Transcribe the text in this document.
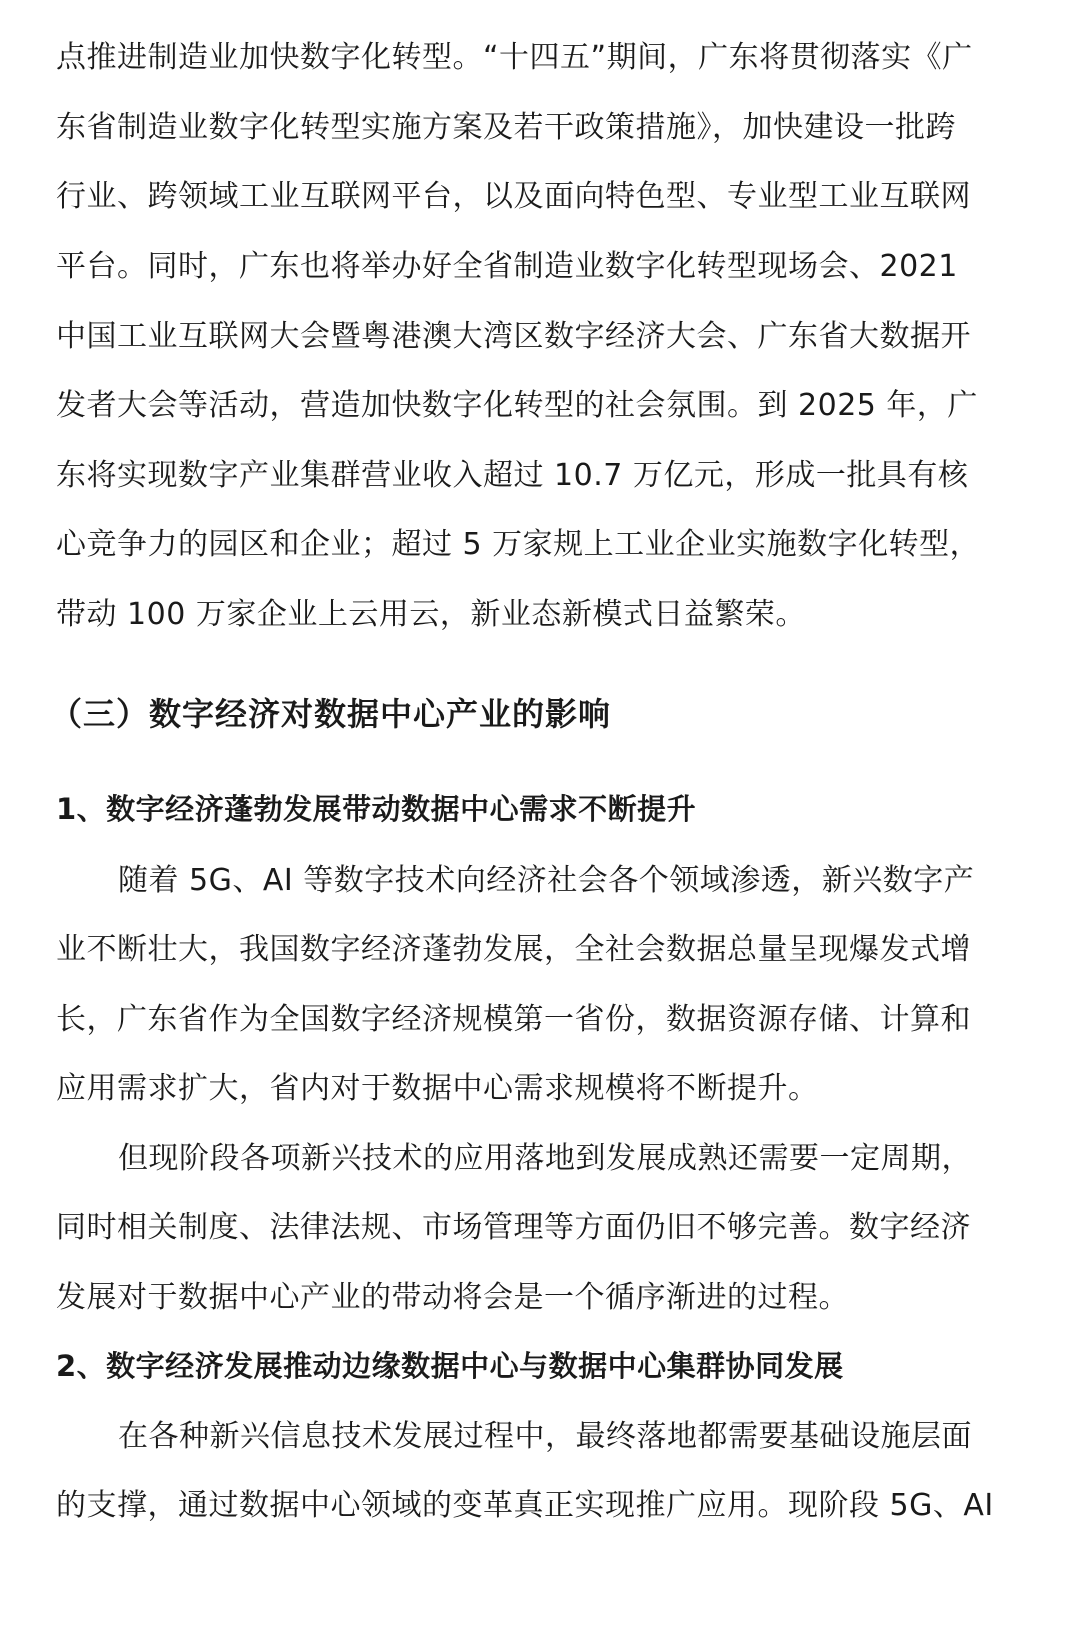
点推进制造业加快数字化转型。“十四五”期间，广东将贯彻落实《广
东省制造业数字化转型实施方案及若干政策措施》，加快建设一批跨
行业、跨领域工业互联网平台，以及面向特色型、专业型工业互联网
平台。同时，广东也将举办好全省制造业数字化转型现场会、2021
中国工业互联网大会暨粤港澳大湾区数字经济大会、广东省大数据开
发者大会等活动，营造加快数字化转型的社会氛围。到 2025 年，广
东将实现数字产业集群营业收入超过 10.7 万亿元，形成一批具有核
心竞争力的园区和企业；超过 5 万家规上工业企业实施数字化转型，
带动 100 万家企业上云用云，新业态新模式日益繁荣。
（三）数字经济对数据中心产业的影响
1、数字经济蓬勃发展带动数据中心需求不断提升
随着 5G、AI 等数字技术向经济社会各个领域渗透，新兴数字产
业不断壮大，我国数字经济蓬勃发展，全社会数据总量呈现爆发式增
长，广东省作为全国数字经济规模第一省份，数据资源存储、计算和
应用需求扩大，省内对于数据中心需求规模将不断提升。
但现阶段各项新兴技术的应用落地到发展成熟还需要一定周期，
同时相关制度、法律法规、市场管理等方面仍旧不够完善。数字经济
发展对于数据中心产业的带动将会是一个循序渐进的过程。
2、数字经济发展推动边缘数据中心与数据中心集群协同发展
在各种新兴信息技术发展过程中，最终落地都需要基础设施层面
的支撑，通过数据中心领域的变革真正实现推广应用。现阶段 5G、AI
